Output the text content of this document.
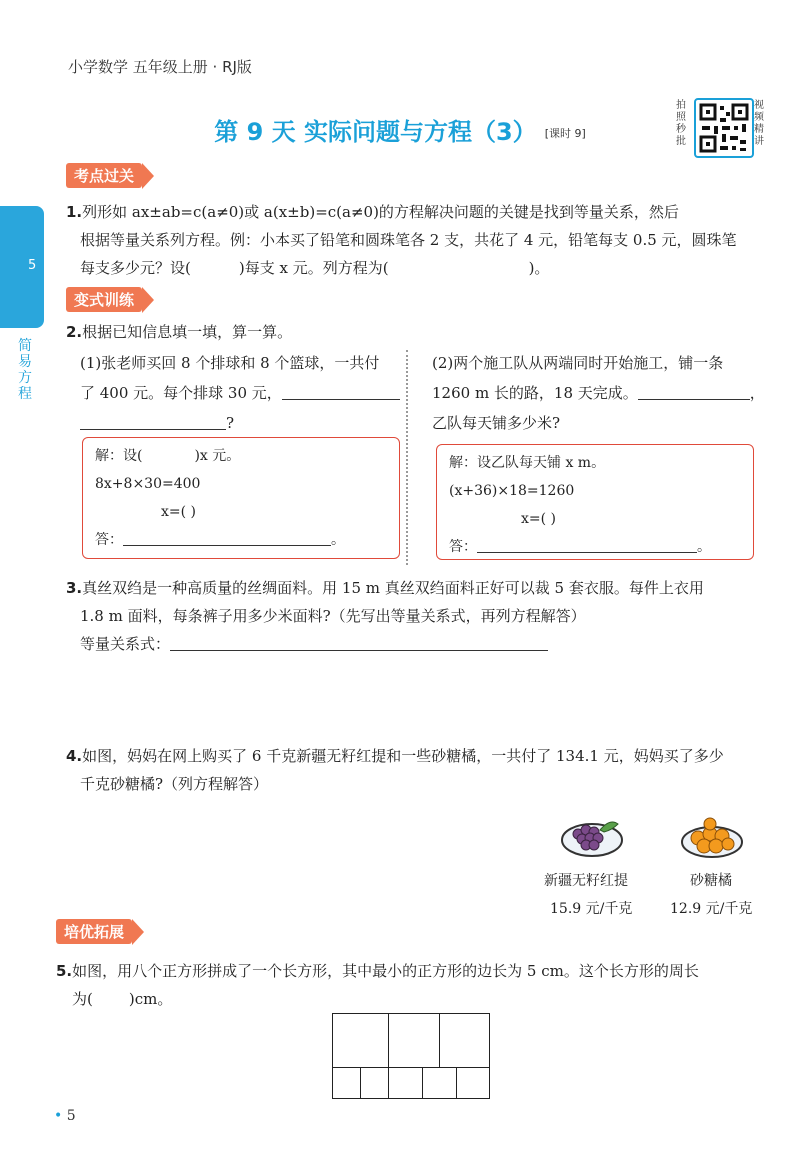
小学数学 五年级上册 · RJ版
第 9 天 实际问题与方程（3） [课时 9]
拍照秒批
视频精讲
5
简易方程
考点过关
1.列形如 ax±ab=c(a≠0)或 a(x±b)=c(a≠0)的方程解决问题的关键是找到等量关系，然后
根据等量关系列方程。例：小本买了铅笔和圆珠笔各 2 支，共花了 4 元，铅笔每支 0.5 元，圆珠笔
每支多少元？设(	)每支 x 元。列方程为(	)。
变式训练
2.根据已知信息填一填，算一算。
(1)张老师买回 8 个排球和 8 个篮球，一共付
了 400 元。每个排球 30 元，
?
解：设(	)x 元。
8x+8×30=400
x=( )
答：	。
(2)两个施工队从两端同时开始施工，铺一条
1260 m 长的路，18 天完成。	，
乙队每天铺多少米?
解：设乙队每天铺 x m。
(x+36)×18=1260
x=( )
答：	。
3.真丝双绉是一种高质量的丝绸面料。用 15 m 真丝双绉面料正好可以裁 5 套衣服。每件上衣用
1.8 m 面料，每条裤子用多少米面料?（先写出等量关系式，再列方程解答）
等量关系式：
4.如图，妈妈在网上购买了 6 千克新疆无籽红提和一些砂糖橘，一共付了 134.1 元，妈妈买了多少
千克砂糖橘?（列方程解答）
新疆无籽红提
15.9 元/千克
砂糖橘
12.9 元/千克
培优拓展
5.如图，用八个正方形拼成了一个长方形，其中最小的正方形的边长为 5 cm。这个长方形的周长
为( )cm。
• 5
